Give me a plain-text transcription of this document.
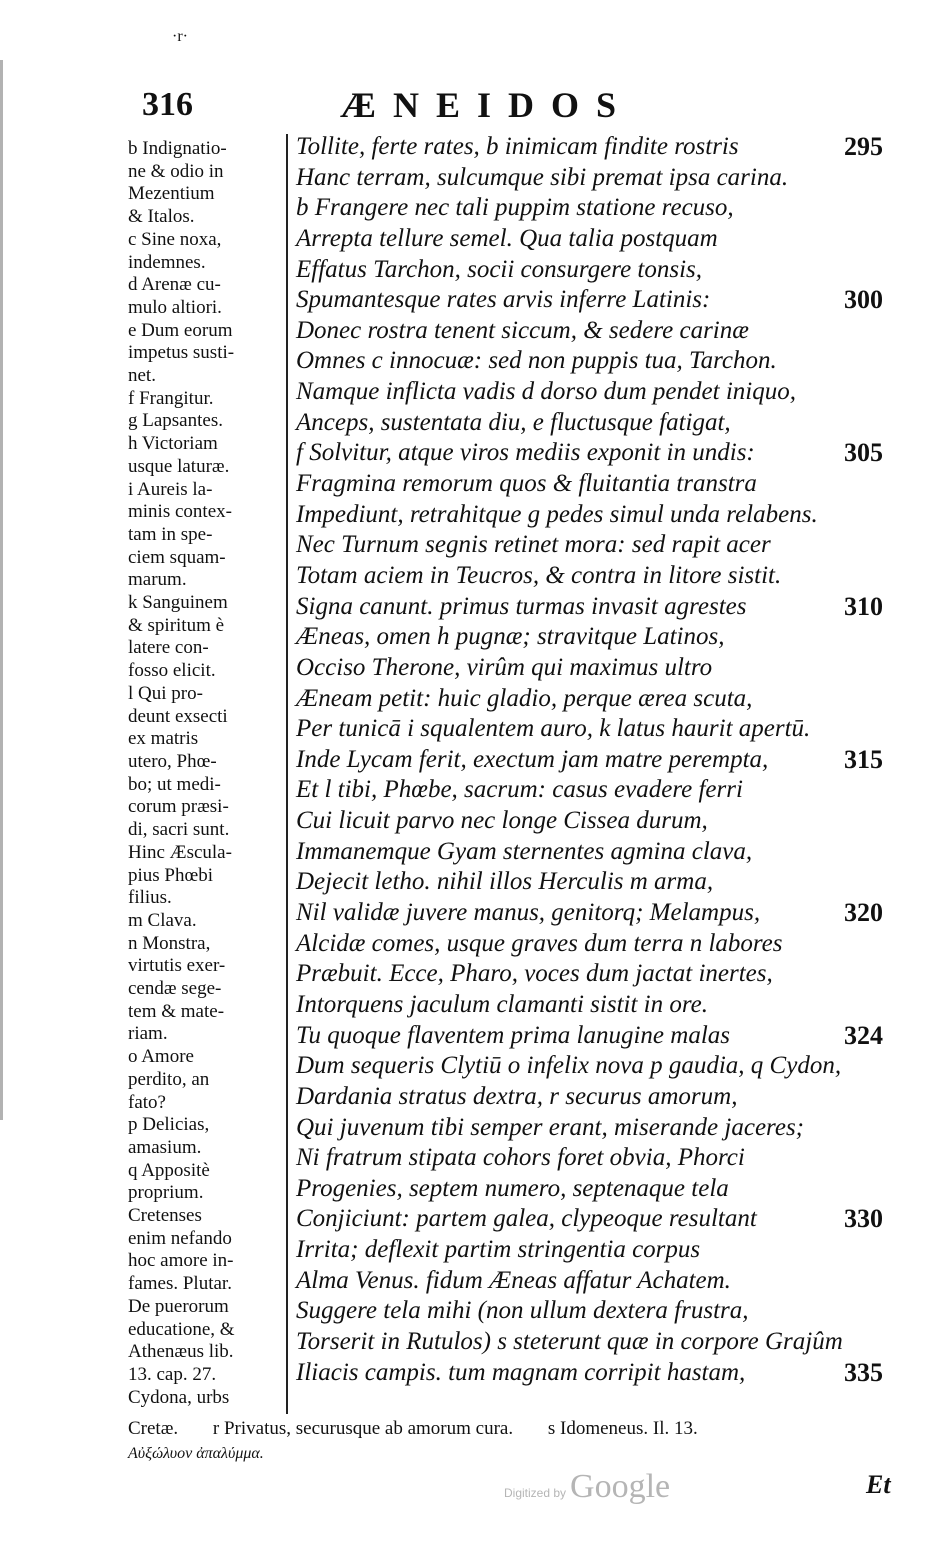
·r·
316	ÆNEIDOS
b Indignatio-
ne & odio in
Mezentium
& Italos.
c Sine noxa,
indemnes.
d Arenæ cu-
mulo altiori.
e Dum eorum
impetus susti-
net.
f Frangitur.
g Lapsantes.
h Victoriam
usque laturæ.
i Aureis la-
minis contex-
tam in spe-
ciem squam-
marum.
k Sanguinem
& spiritum è
latere con-
fosso elicit.
l Qui pro-
deunt exsecti
ex matris
utero, Phœ-
bo; ut medi-
corum præsi-
di, sacri sunt.
Hinc Æscula-
pius Phœbi
filius.
m Clava.
n Monstra,
virtutis exer-
cendæ sege-
tem & mate-
riam.
o Amore
perdito, an
fato?
p Delicias,
amasium.
q Appositè
proprium.
Cretenses
enim nefando
hoc amore in-
fames. Plutar.
De puerorum
educatione, &
Athenæus lib.
13. cap. 27.
Cydona, urbs
Tollite, ferte rates, b inimicam findite rostris	295
Hanc terram, sulcumque sibi premat ipsa carina.
b Frangere nec tali puppim statione recuso,
Arrepta tellure semel. Qua talia postquam
Effatus Tarchon, socii consurgere tonsis,
Spumantesque rates arvis inferre Latinis:	300
Donec rostra tenent siccum, & sedere carinæ
Omnes c innocuæ: sed non puppis tua, Tarchon.
Namque inflicta vadis d dorso dum pendet iniquo,
Anceps, sustentata diu, e fluctusque fatigat,
f Solvitur, atque viros mediis exponit in undis:	305
Fragmina remorum quos & fluitantia transtra
Impediunt, retrahitque g pedes simul unda relabens.
Nec Turnum segnis retinet mora: sed rapit acer
Totam aciem in Teucros, & contra in litore sistit.
Signa canunt. primus turmas invasit agrestes	310
Æneas, omen h pugnæ; stravitque Latinos,
Occiso Therone, virûm qui maximus ultro
Æneam petit: huic gladio, perque ærea scuta,
Per tunicā i squalentem auro, k latus haurit apertū.
Inde Lycam ferit, exectum jam matre perempta,	315
Et l tibi, Phœbe, sacrum: casus evadere ferri
Cui licuit parvo nec longe Cissea durum,
Immanemque Gyam sternentes agmina clava,
Dejecit letho. nihil illos Herculis m arma,
Nil validæ juvere manus, genitorq; Melampus,	320
Alcidæ comes, usque graves dum terra n labores
Præbuit. Ecce, Pharo, voces dum jactat inertes,
Intorquens jaculum clamanti sistit in ore.
Tu quoque flaventem prima lanugine malas	324
Dum sequeris Clytiū o infelix nova p gaudia, q Cydon,
Dardania stratus dextra, r securus amorum,
Qui juvenum tibi semper erant, miserande jaceres;
Ni fratrum stipata cohors foret obvia, Phorci
Progenies, septem numero, septenaque tela
Conjiciunt: partem galea, clypeoque resultant	330
Irrita; deflexit partim stringentia corpus
Alma Venus. fidum Æneas affatur Achatem.
Suggere tela mihi (non ullum dextera frustra,
Torserit in Rutulos) s steterunt quæ in corpore Grajûm
Iliacis campis. tum magnam corripit hastam,	335
Cretæ. r Privatus, securusque ab amorum cura. s Idomeneus. Il. 13.
Αὐξώλυον ἀπαλύμμα.
Digitized by Google	Et
